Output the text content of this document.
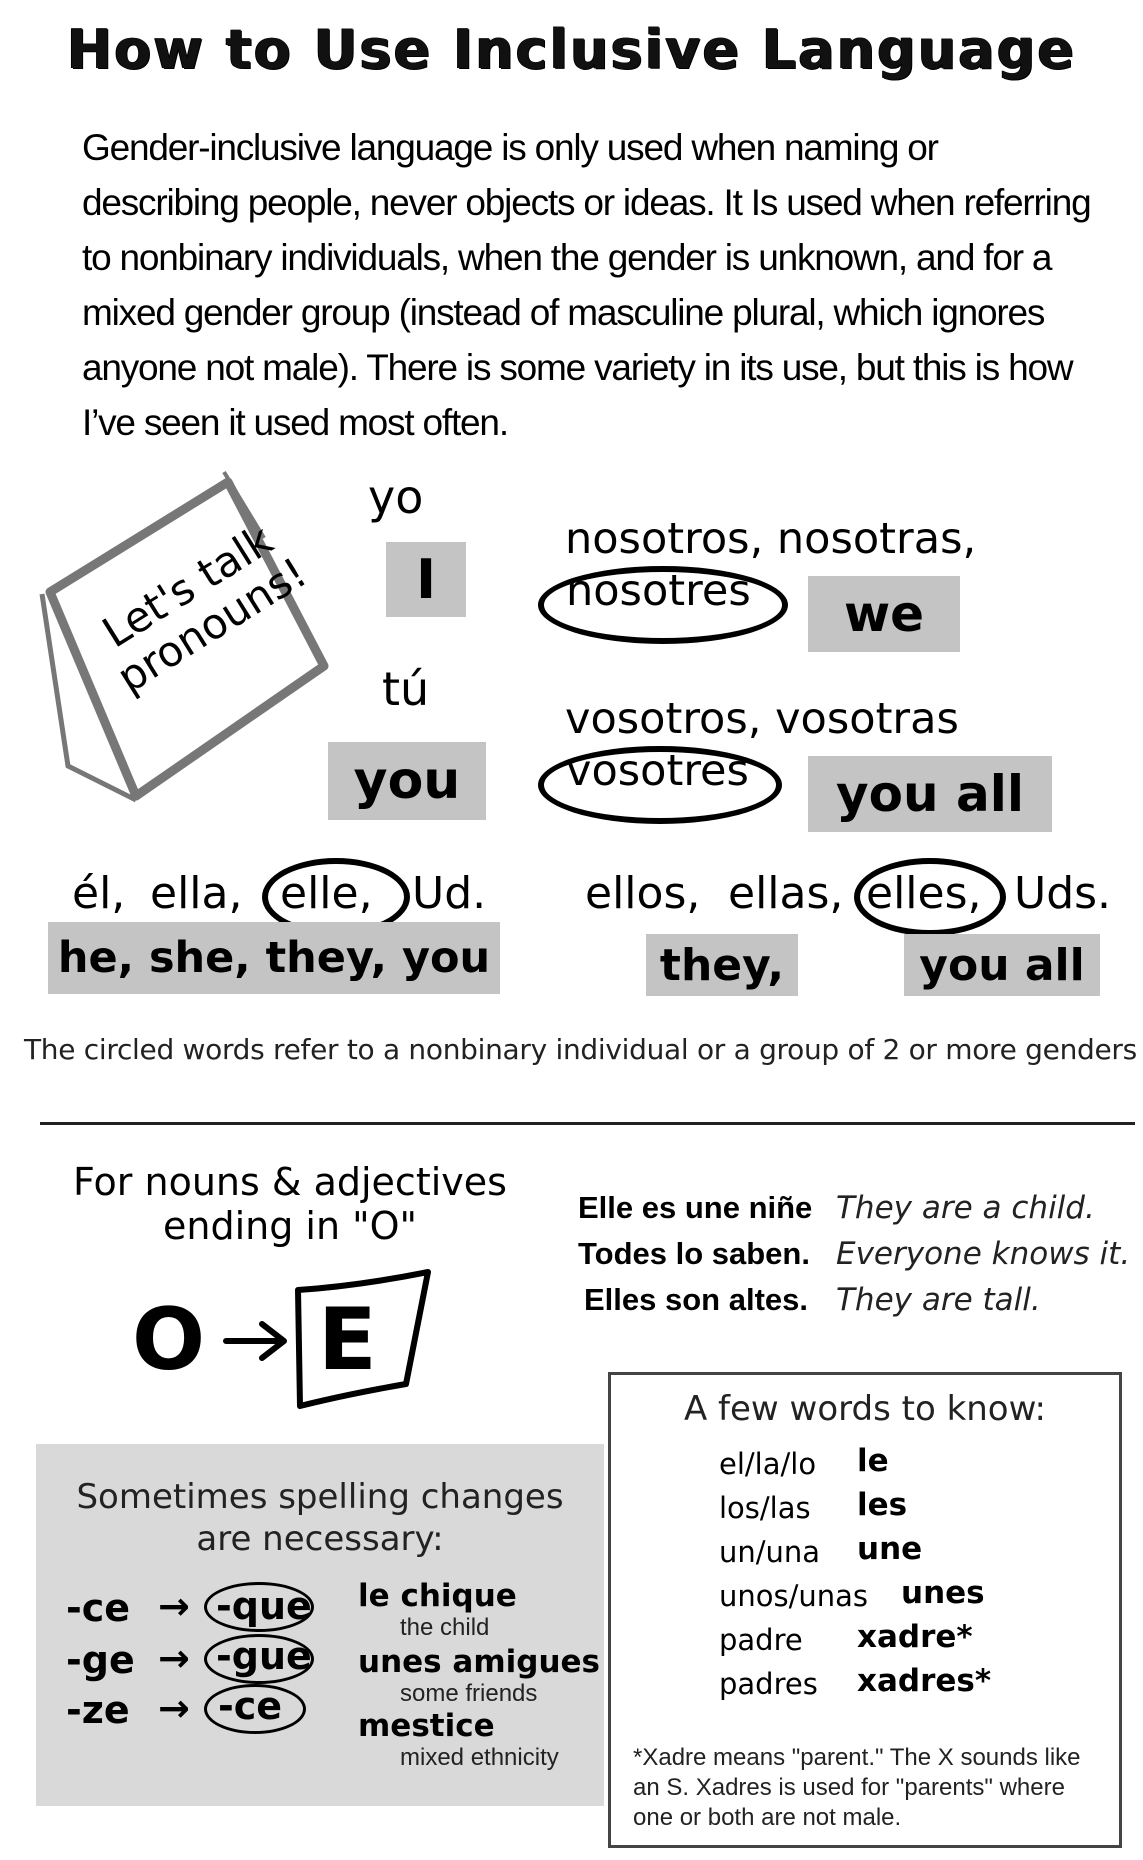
How to Use Inclusive Language
Gender-inclusive language is only used when naming or describing people, never objects or ideas. It Is used when referring to nonbinary individuals, when the gender is unknown, and for a mixed gender group (instead of masculine plural, which ignores anyone not male). There is some variety in its use, but this is how I’ve seen it used most often.
Let's talk pronouns!
yo
I
tú
you
nosotros, nosotras,
nosotres	we
vosotros, vosotras
vosotres	you all
él, ella, elle, Ud.
he, she, they, you
ellos, ellas, elles, Uds.
they,	you all
The circled words refer to a nonbinary individual or a group of 2 or more genders
For nouns & adjectives
ending in "O"
O E
Elle es une niñe They are a child.
Todes lo saben. Everyone knows it.
Elles son altes. They are tall.
Sometimes spelling changes
are necessary:
-ce → -que
-ge → -gue
-ze → -ce
le chique
the child
unes amigues
some friends
mestice
mixed ethnicity
A few words to know:
el/la/lo le
los/las les
un/una une
unos/unas unes
padre xadre*
padres xadres*
*Xadre means "parent." The X sounds like an S. Xadres is used for "parents" where one or both are not male.
